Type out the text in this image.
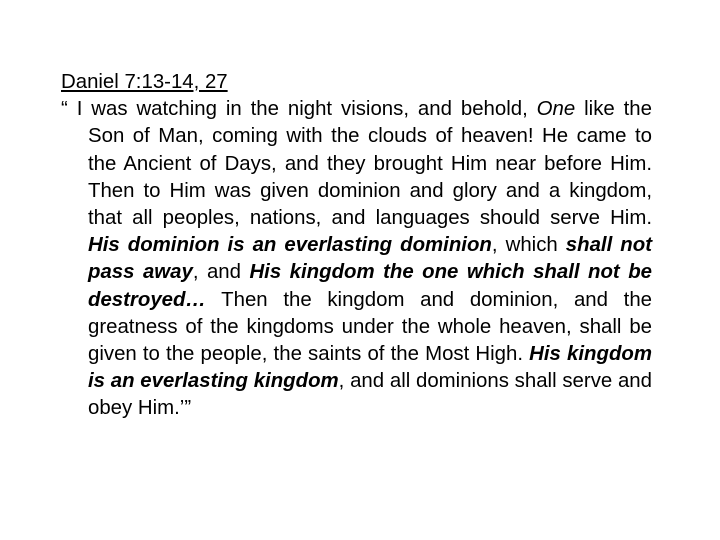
Daniel 7:13-14, 27
“ I was watching in the night visions, and behold, One like the Son of Man, coming with the clouds of heaven! He came to the Ancient of Days, and they brought Him near before Him. Then to Him was given dominion and glory and a kingdom, that all peoples, nations, and languages should serve Him. His dominion is an everlasting dominion, which shall not pass away, and His kingdom the one which shall not be destroyed… Then the kingdom and dominion, and the greatness of the kingdoms under the whole heaven, shall be given to the people, the saints of the Most High. His kingdom is an everlasting kingdom, and all dominions shall serve and obey Him.’”
